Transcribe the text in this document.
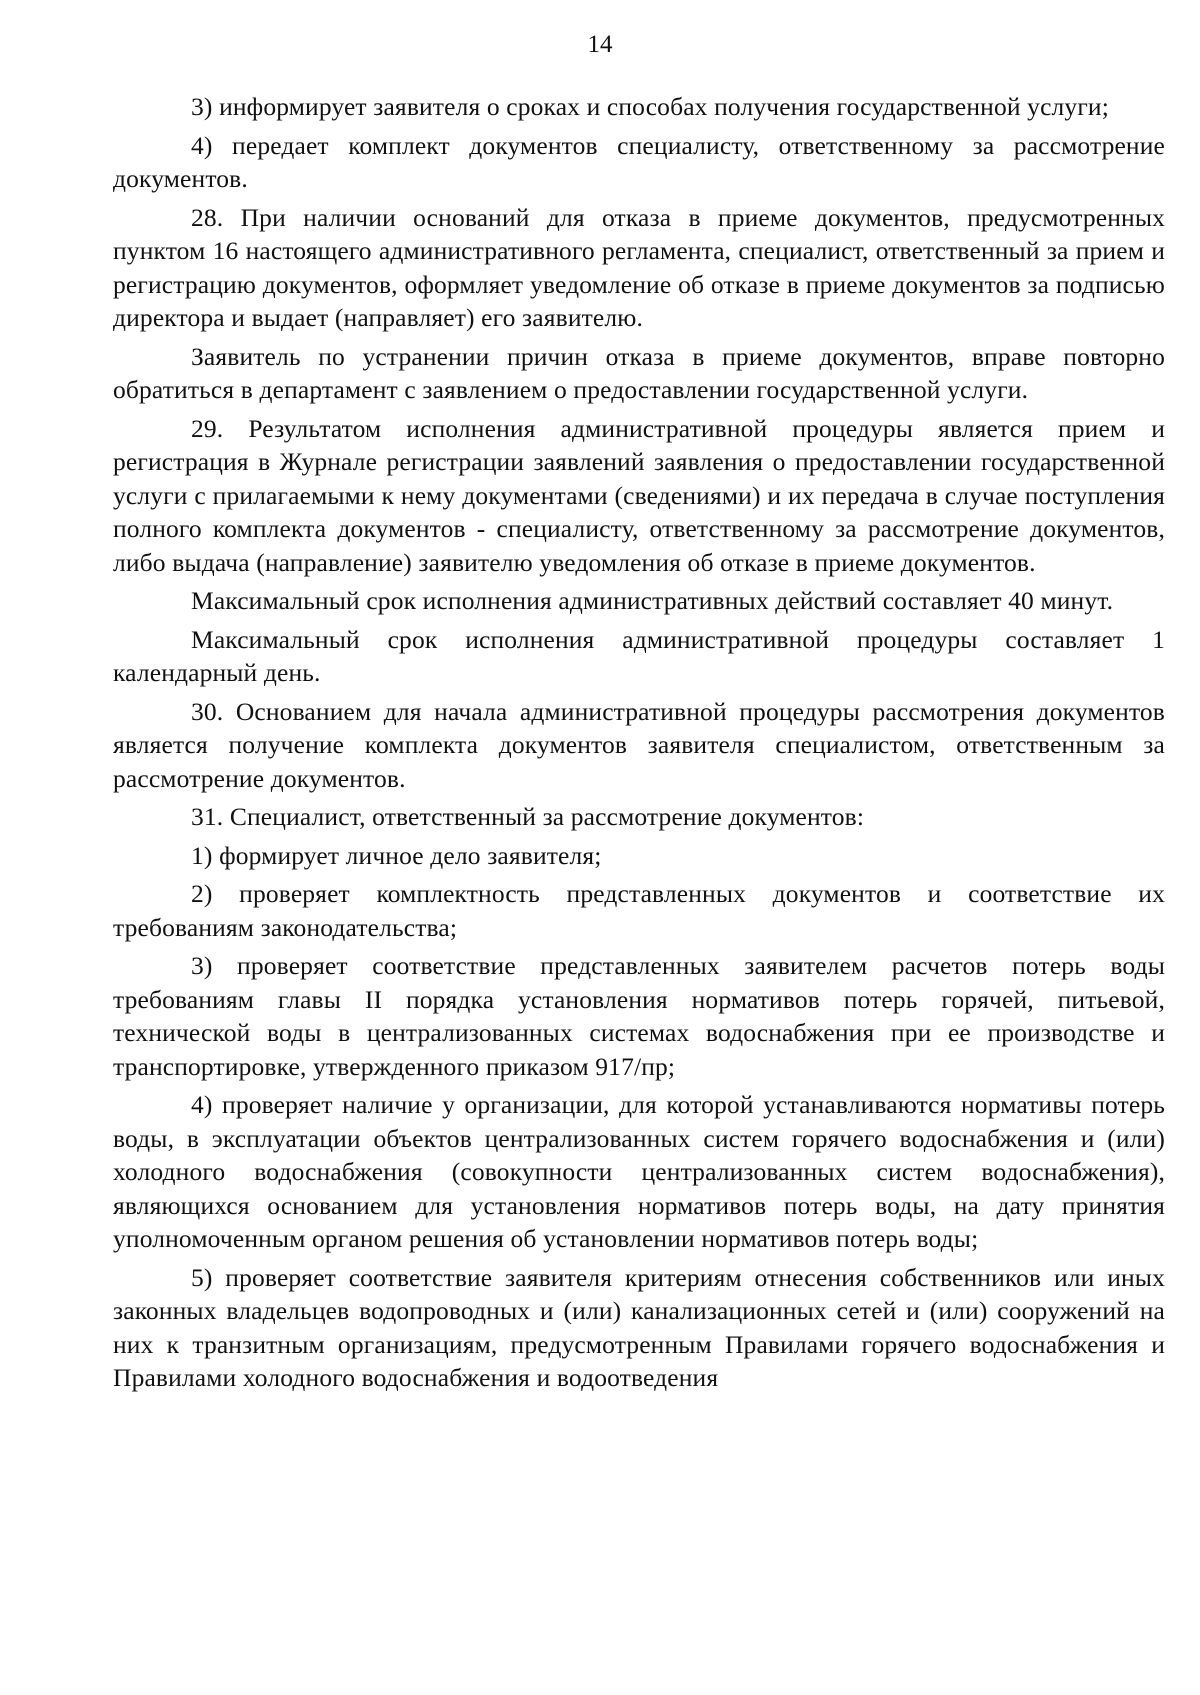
14

3) информирует заявителя о сроках и способах получения государственной услуги;

4) передает комплект документов специалисту, ответственному за рассмотрение документов.

28. При наличии оснований для отказа в приеме документов, предусмотренных пунктом 16 настоящего административного регламента, специалист, ответственный за прием и регистрацию документов, оформляет уведомление об отказе в приеме документов за подписью директора и выдает (направляет) его заявителю.

Заявитель по устранении причин отказа в приеме документов, вправе повторно обратиться в департамент с заявлением о предоставлении государственной услуги.

29. Результатом исполнения административной процедуры является прием и регистрация в Журнале регистрации заявлений заявления о предоставлении государственной услуги с прилагаемыми к нему документами (сведениями) и их передача в случае поступления полного комплекта документов - специалисту, ответственному за рассмотрение документов, либо выдача (направление) заявителю уведомления об отказе в приеме документов.

Максимальный срок исполнения административных действий составляет 40 минут.

Максимальный срок исполнения административной процедуры составляет 1 календарный день.

30. Основанием для начала административной процедуры рассмотрения документов является получение комплекта документов заявителя специалистом, ответственным за рассмотрение документов.

31. Специалист, ответственный за рассмотрение документов:

1) формирует личное дело заявителя;

2) проверяет комплектность представленных документов и соответствие их требованиям законодательства;

3) проверяет соответствие представленных заявителем расчетов потерь воды требованиям главы II порядка установления нормативов потерь горячей, питьевой, технической воды в централизованных системах водоснабжения при ее производстве и транспортировке, утвержденного приказом 917/пр;

4) проверяет наличие у организации, для которой устанавливаются нормативы потерь воды, в эксплуатации объектов централизованных систем горячего водоснабжения и (или) холодного водоснабжения (совокупности централизованных систем водоснабжения), являющихся основанием для установления нормативов потерь воды, на дату принятия уполномоченным органом решения об установлении нормативов потерь воды;

5) проверяет соответствие заявителя критериям отнесения собственников или иных законных владельцев водопроводных и (или) канализационных сетей и (или) сооружений на них к транзитным организациям, предусмотренным Правилами горячего водоснабжения и Правилами холодного водоснабжения и водоотведения
